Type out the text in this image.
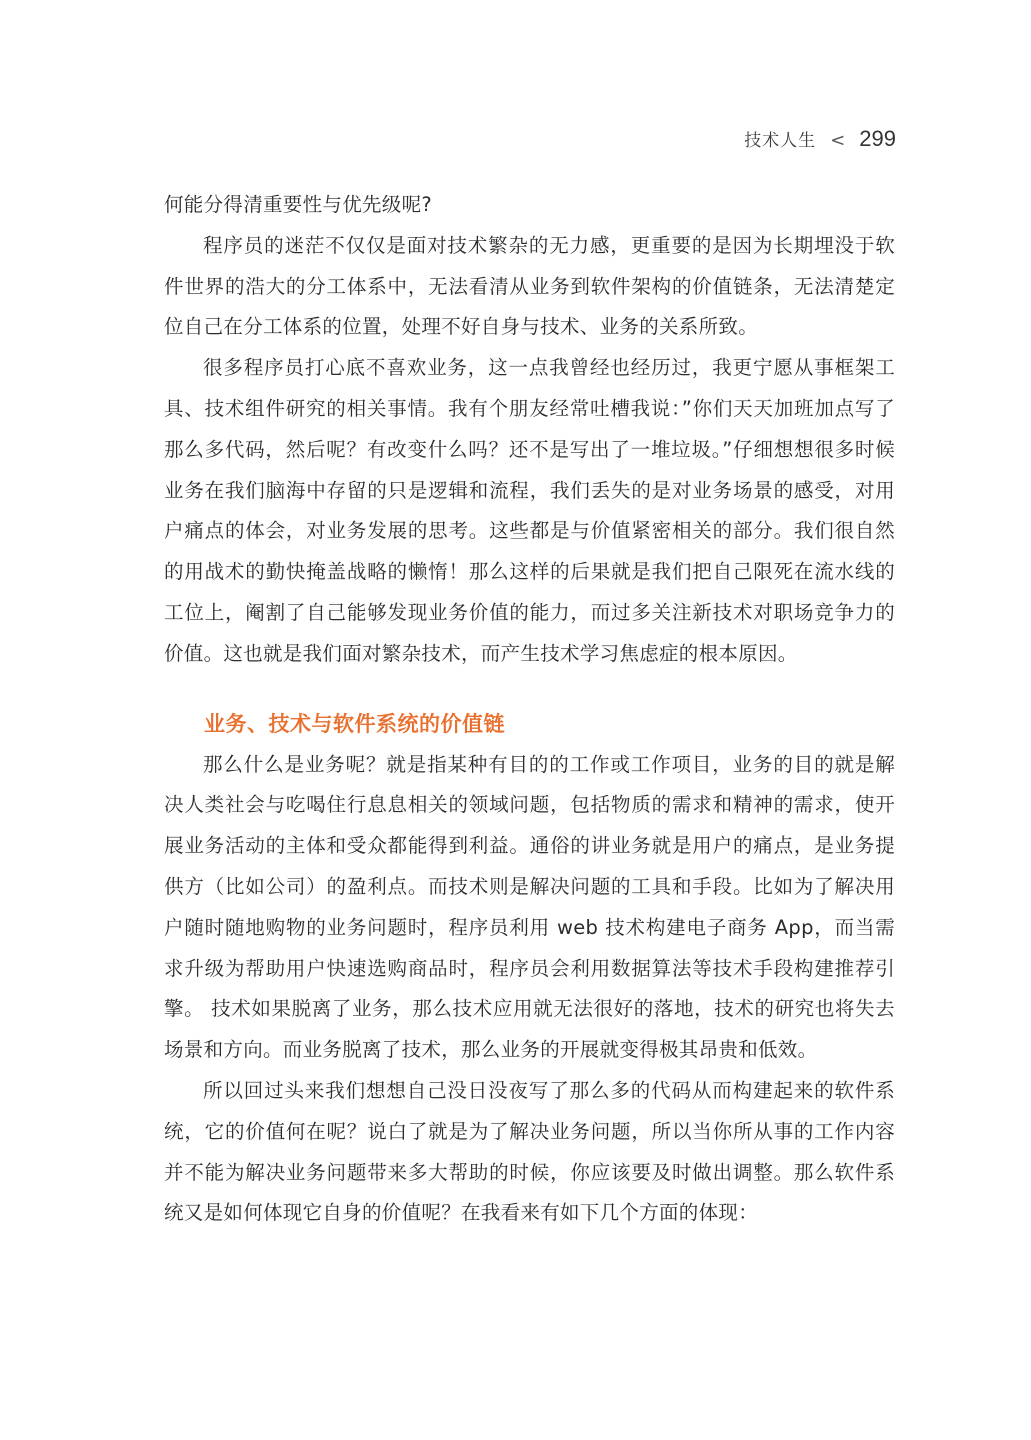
技术人生 < 299

何能分得清重要性与优先级呢?

程序员的迷茫不仅仅是面对技术繁杂的无力感，更重要的是因为长期埋没于软件世界的浩大的分工体系中，无法看清从业务到软件架构的价值链条，无法清楚定位自己在分工体系的位置，处理不好自身与技术、业务的关系所致。

很多程序员打心底不喜欢业务，这一点我曾经也经历过，我更宁愿从事框架工具、技术组件研究的相关事情。我有个朋友经常吐槽我说：”你们天天加班加点写了那么多代码，然后呢？有改变什么吗？还不是写出了一堆垃圾。”仔细想想很多时候业务在我们脑海中存留的只是逻辑和流程，我们丢失的是对业务场景的感受，对用户痛点的体会，对业务发展的思考。这些都是与价值紧密相关的部分。我们很自然的用战术的勤快掩盖战略的懒惰！那么这样的后果就是我们把自己限死在流水线的工位上，阉割了自己能够发现业务价值的能力，而过多关注新技术对职场竞争力的价值。这也就是我们面对繁杂技术，而产生技术学习焦虑症的根本原因。

业务、技术与软件系统的价值链

那么什么是业务呢？就是指某种有目的的工作或工作项目，业务的目的就是解决人类社会与吃喝住行息息相关的领域问题，包括物质的需求和精神的需求，使开展业务活动的主体和受众都能得到利益。通俗的讲业务就是用户的痛点，是业务提供方（比如公司）的盈利点。而技术则是解决问题的工具和手段。比如为了解决用户随时随地购物的业务问题时，程序员利用 web 技术构建电子商务 App，而当需求升级为帮助用户快速选购商品时，程序员会利用数据算法等技术手段构建推荐引擎。 技术如果脱离了业务，那么技术应用就无法很好的落地，技术的研究也将失去场景和方向。而业务脱离了技术，那么业务的开展就变得极其昂贵和低效。

所以回过头来我们想想自己没日没夜写了那么多的代码从而构建起来的软件系统，它的价值何在呢？说白了就是为了解决业务问题，所以当你所从事的工作内容并不能为解决业务问题带来多大帮助的时候，你应该要及时做出调整。那么软件系统又是如何体现它自身的价值呢？在我看来有如下几个方面的体现：
